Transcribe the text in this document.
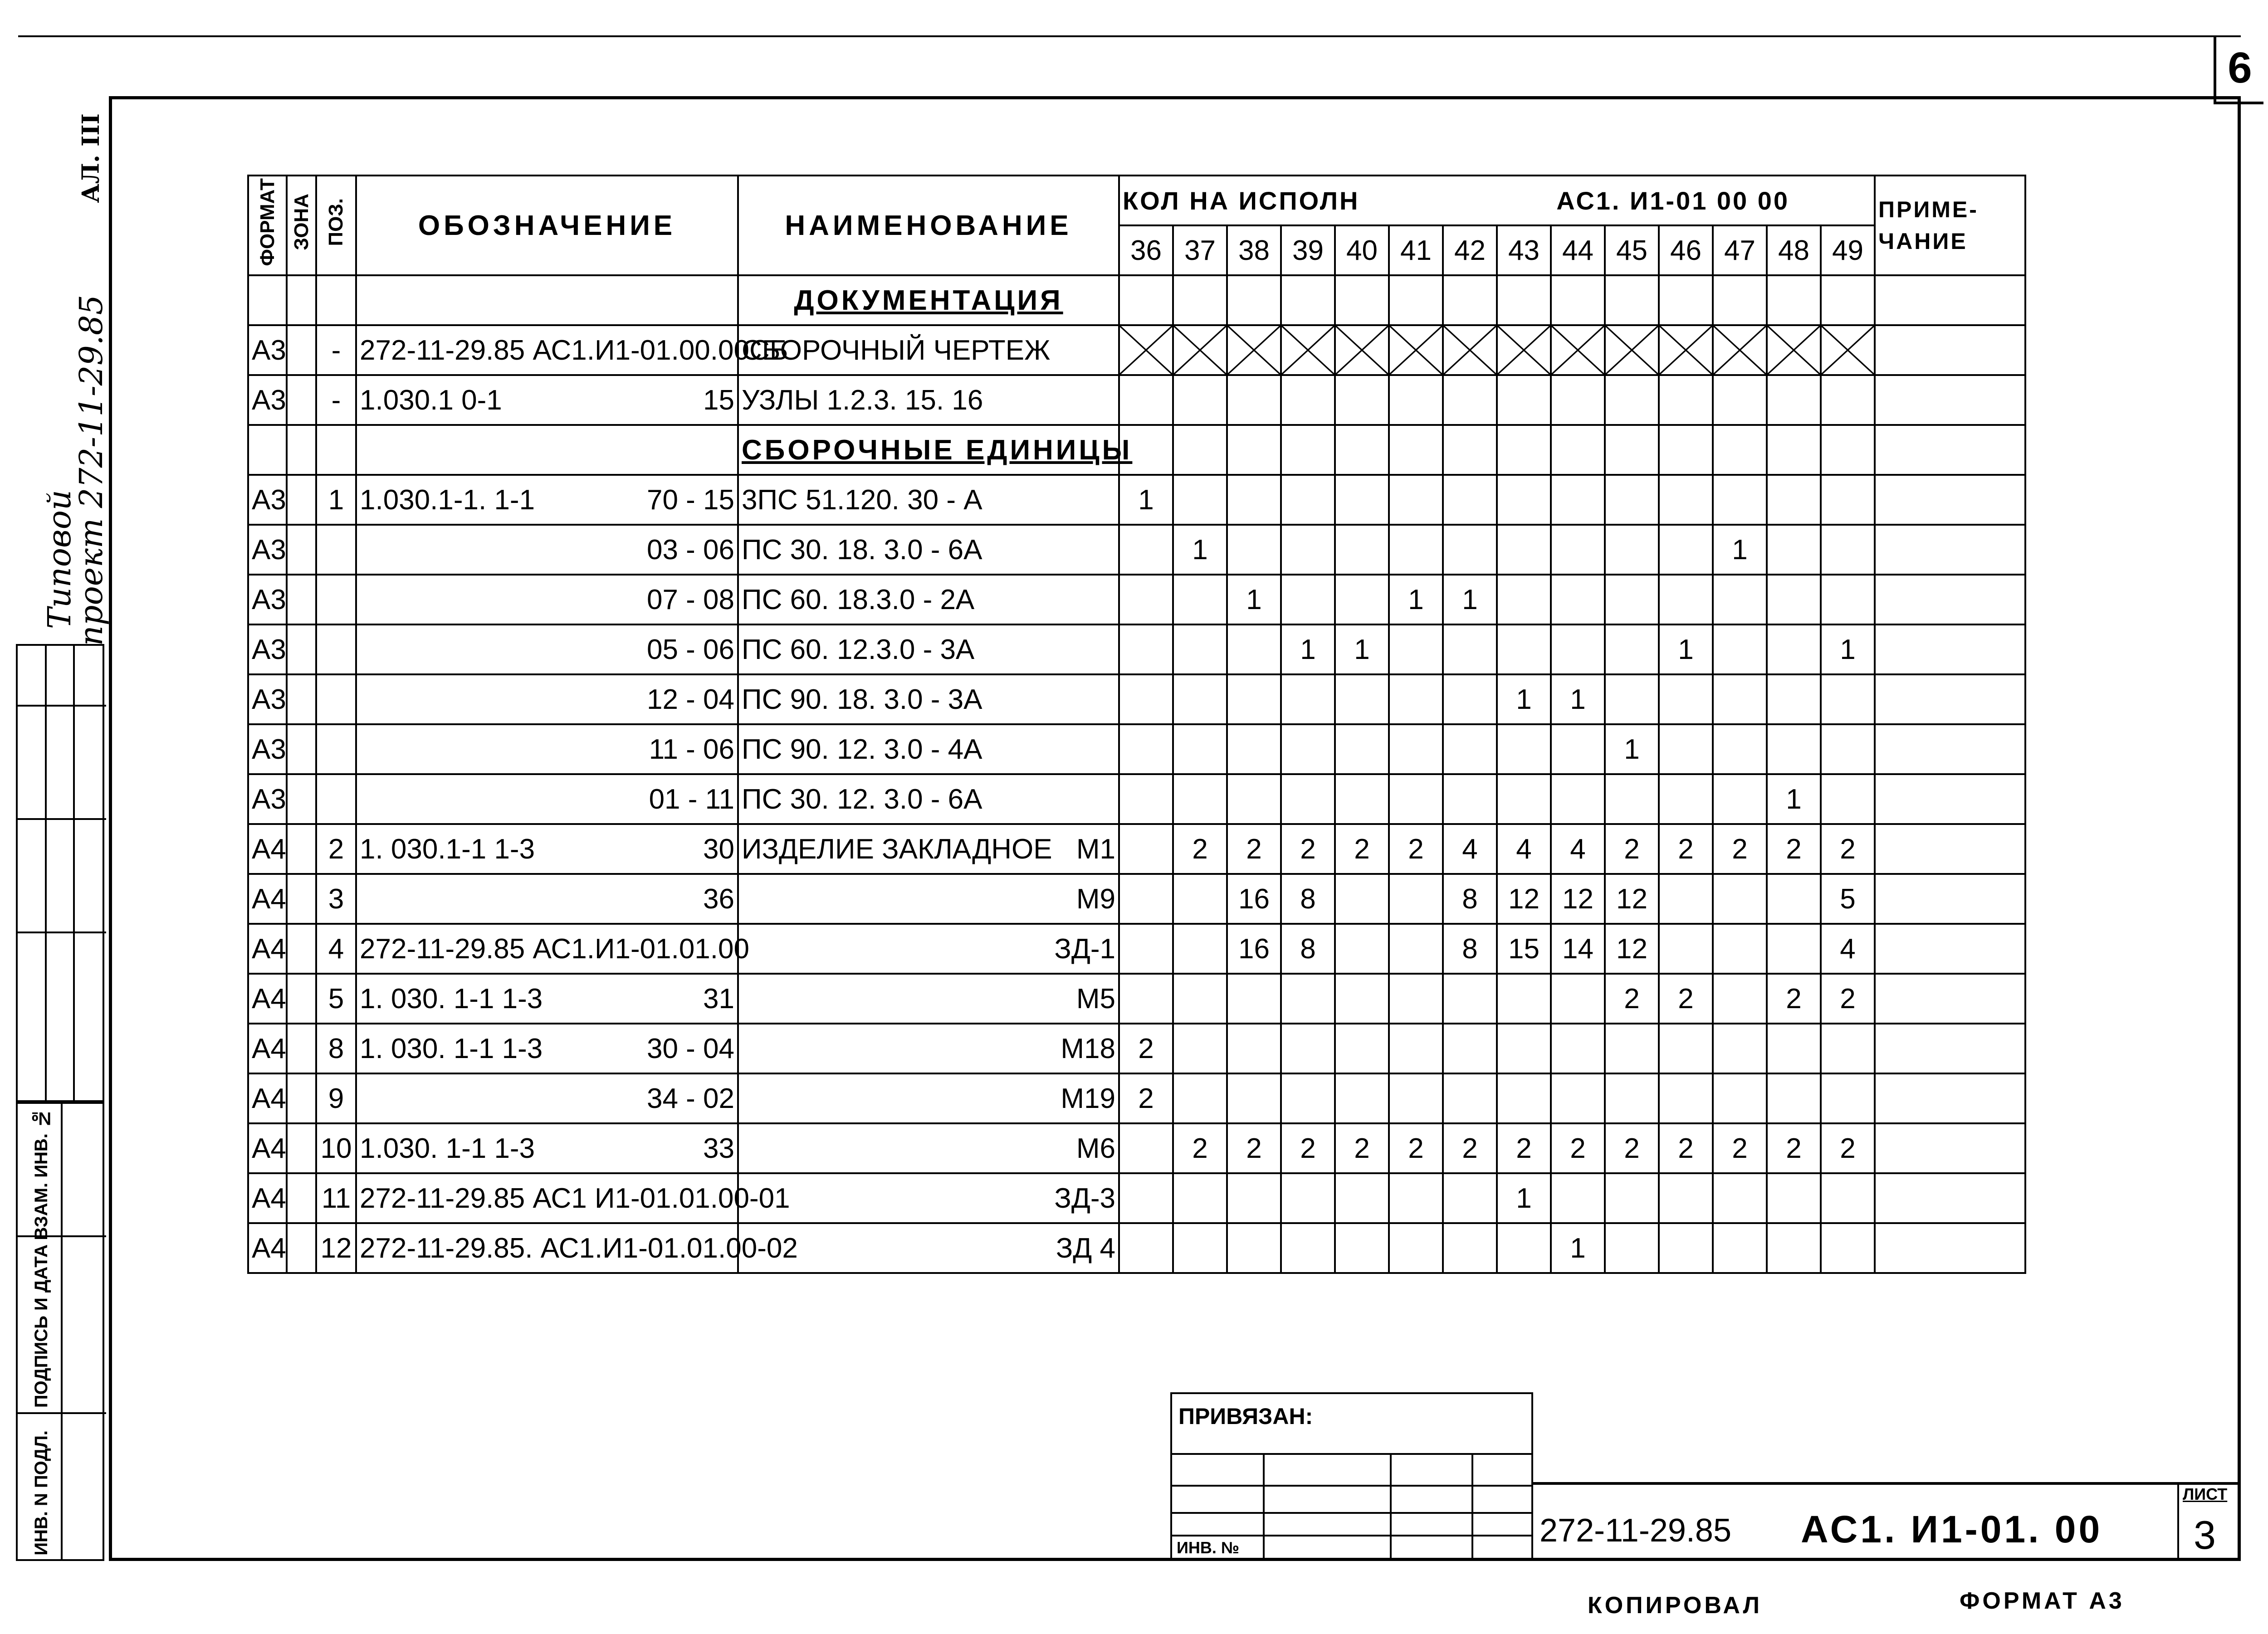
6
АЛ. III
Типовой
проект 272-11-29.85
ВЗАМ. ИНВ. №
ПОДПИСЬ И ДАТА
ИНВ. N ПОДЛ.
ФОРМАТ	ЗОНА	ПОЗ.	ОБОЗНАЧЕНИЕ	НАИМЕНОВАНИЕ	КОЛ НА ИСПОЛН АС1. И1-01 00 00														ПРИМЕ-ЧАНИЕ
					36	37	38	39	40	41	42	43	44	45	46	47	48	49	
				ДОКУМЕНТАЦИЯ															
А3		-	272-11-29.85 АС1.И1-01.00.00СБ	СБОРОЧНЫЙ ЧЕРТЕЖ

А3		-	1.030.1 0-1 15	УЗЛЫ 1.2.3. 15. 16															

				СБОРОЧНЫЕ ЕДИНИЦЫ															
А3		1	1.030.1-1. 1-1 70 - 15	3ПС 51.120. 30 - А	1														
А3			03 - 06	ПС 30. 18. 3.0 - 6А		1										1			
А3			07 - 08	ПС 60. 18.3.0 - 2А			1			1	1								
А3			05 - 06	ПС 60. 12.3.0 - 3А				1	1						1			1	
А3			12 - 04	ПС 90. 18. 3.0 - 3А								1	1						
А3			11 - 06	ПС 90. 12. 3.0 - 4А										1					
А3			01 - 11	ПС 30. 12. 3.0 - 6А													1		
А4		2	1. 030.1-1 1-3 30	ИЗДЕЛИЕ ЗАКЛАДНОЕ М1		2	2	2	2	2	4	4	4	2	2	2	2	2	
А4		3	36	М9			16	8			8	12	12	12				5	
А4		4	272-11-29.85 АС1.И1-01.01.00	ЗД-1			16	8			8	15	14	12				4	
А4		5	1. 030. 1-1 1-3 31	М5										2	2		2	2	
А4		8	1. 030. 1-1 1-3 30 - 04	М18	2														
А4		9	34 - 02	М19	2														
А4		10	1.030. 1-1 1-3 33	М6		2	2	2	2	2	2	2	2	2	2	2	2	2	
А4		11	272-11-29.85 АС1 И1-01.01.00-01	ЗД-3								1							
А4		12	272-11-29.85. АС1.И1-01.01.00-02	ЗД 4									1						
ПРИВЯЗАН:
ИНВ. №	272-11-29.85 АС1. И1-01. 00
ЛИСТ
3
КОПИРОВАЛ	ФОРМАТ А3
